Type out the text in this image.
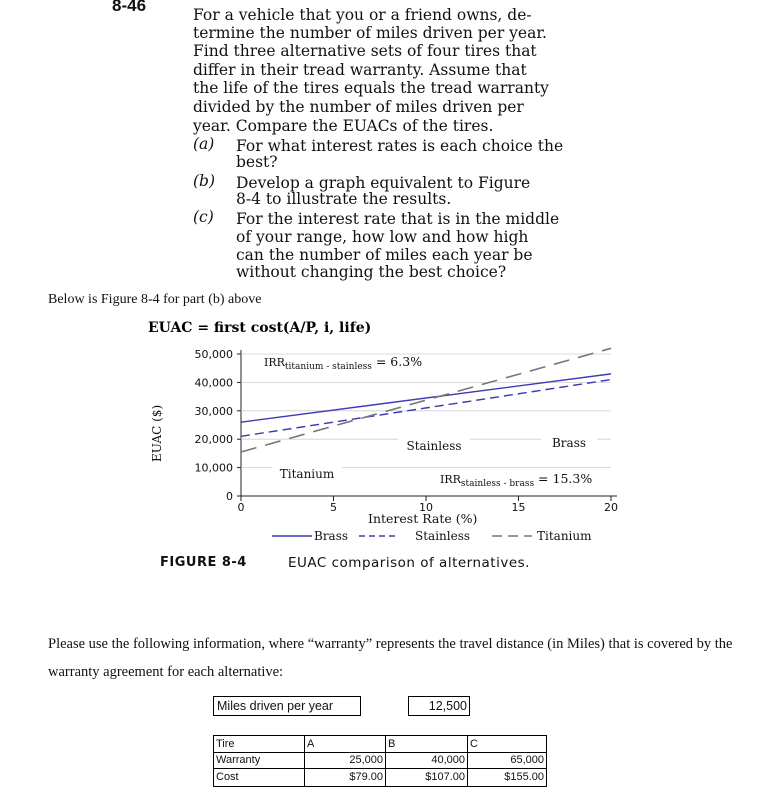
8-46	For a vehicle that you or a friend owns, de-
termine the number of miles driven per year.
Find three alternative sets of four tires that
differ in their tread warranty. Assume that
the life of the tires equals the tread warranty
divided by the number of miles driven per
year. Compare the EUACs of the tires.
(a) For what interest rates is each choice the
best?
(b) Develop a graph equivalent to Figure
8-4 to illustrate the results.
(c) For the interest rate that is in the middle
of your range, how low and how high
can the number of miles each year be
without changing the best choice?
Below is Figure 8-4 for part (b) above
EUAC = first cost(A/P, i, life)
0
10,000
20,000
30,000
40,000
50,000
0	5	10	15	20
Titanium
Stainless	Brass
$IRR_{titanium - stainless} = 6.3\%$
$IRR_{stainless - brass} = 15.3\%$
Interest Rate (%)
EUAC ($)
Brass	Stainless	Titanium
FIGURE 8-4	EUAC comparison of alternatives.
Please use the following information, where “warranty” represents the travel distance (in Miles) that is covered by the warranty agreement for each alternative:
Miles driven per year	12,500
Tire	A	B	C
Warranty	25,000	40,000	65,000
Cost	$79.00	$107.00	$155.00
